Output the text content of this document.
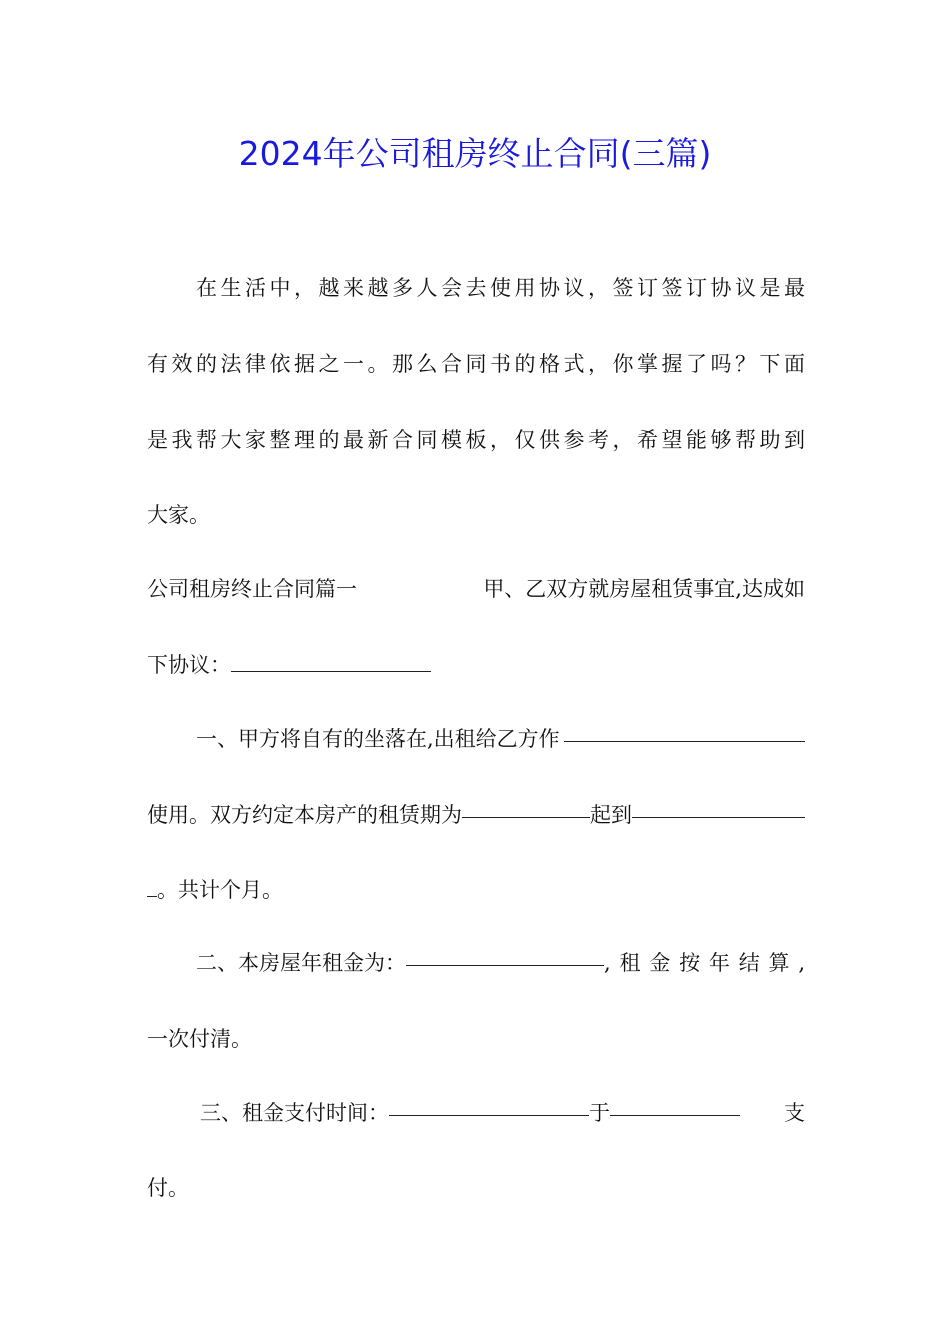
2024年公司租房终止合同(三篇)
在生活中，越来越多人会去使用协议，签订签订协议是最
有效的法律依据之一。那么合同书的格式，你掌握了吗？下面
是我帮大家整理的最新合同模板，仅供参考，希望能够帮助到
大家。
公司租房终止合同篇一	甲、乙双方就房屋租赁事宜,达成如
下协议：
一、甲方将自有的坐落在,出租给乙方作
使用。双方约定本房产的租赁期为	起到
。共计个月。
二、本房屋年租金为：	,租金按年结算,
一次付清。
三、租金支付时间：	于	支
付。
